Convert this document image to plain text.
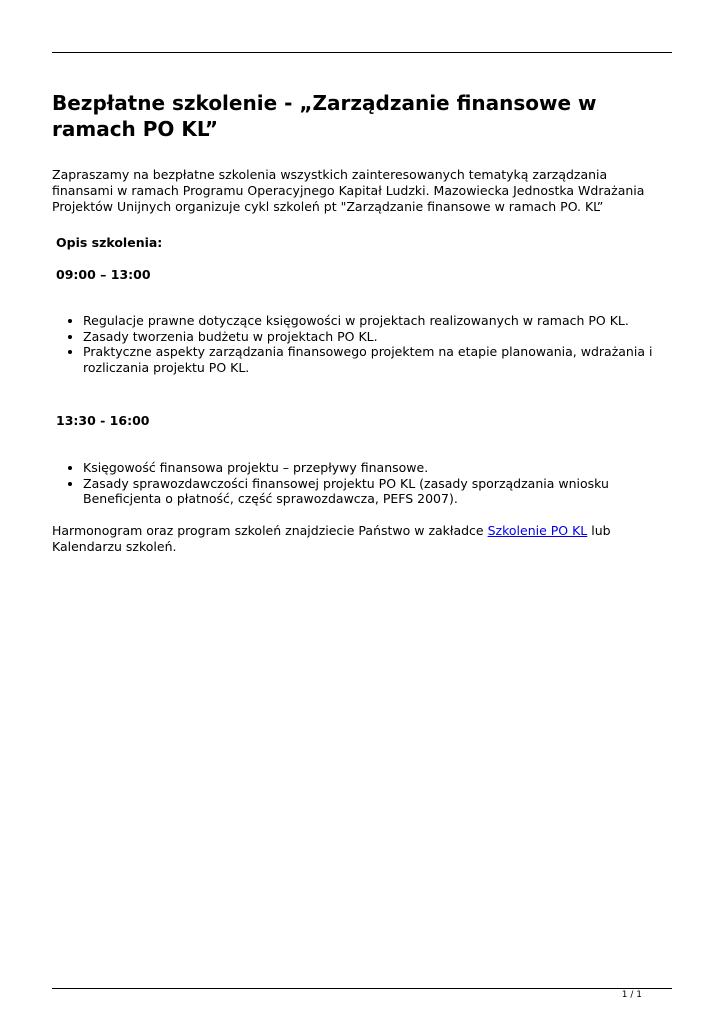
Bezpłatne szkolenie - „Zarządzanie finansowe w ramach PO KL”

Zapraszamy na bezpłatne szkolenia wszystkich zainteresowanych tematyką zarządzania finansami w ramach Programu Operacyjnego Kapitał Ludzki. Mazowiecka Jednostka Wdrażania Projektów Unijnych organizuje cykl szkoleń pt "Zarządzanie finansowe w ramach PO. KL”

Opis szkolenia:

09:00 – 13:00

• Regulacje prawne dotyczące księgowości w projektach realizowanych w ramach PO KL.
• Zasady tworzenia budżetu w projektach PO KL.
• Praktyczne aspekty zarządzania finansowego projektem na etapie planowania, wdrażania i rozliczania projektu PO KL.

13:30 - 16:00

• Księgowość finansowa projektu – przepływy finansowe.
• Zasady sprawozdawczości finansowej projektu PO KL (zasady sporządzania wniosku Beneficjenta o płatność, część sprawozdawcza, PEFS 2007).

Harmonogram oraz program szkoleń znajdziecie Państwo w zakładce Szkolenie PO KL lub Kalendarzu szkoleń.

1 / 1
